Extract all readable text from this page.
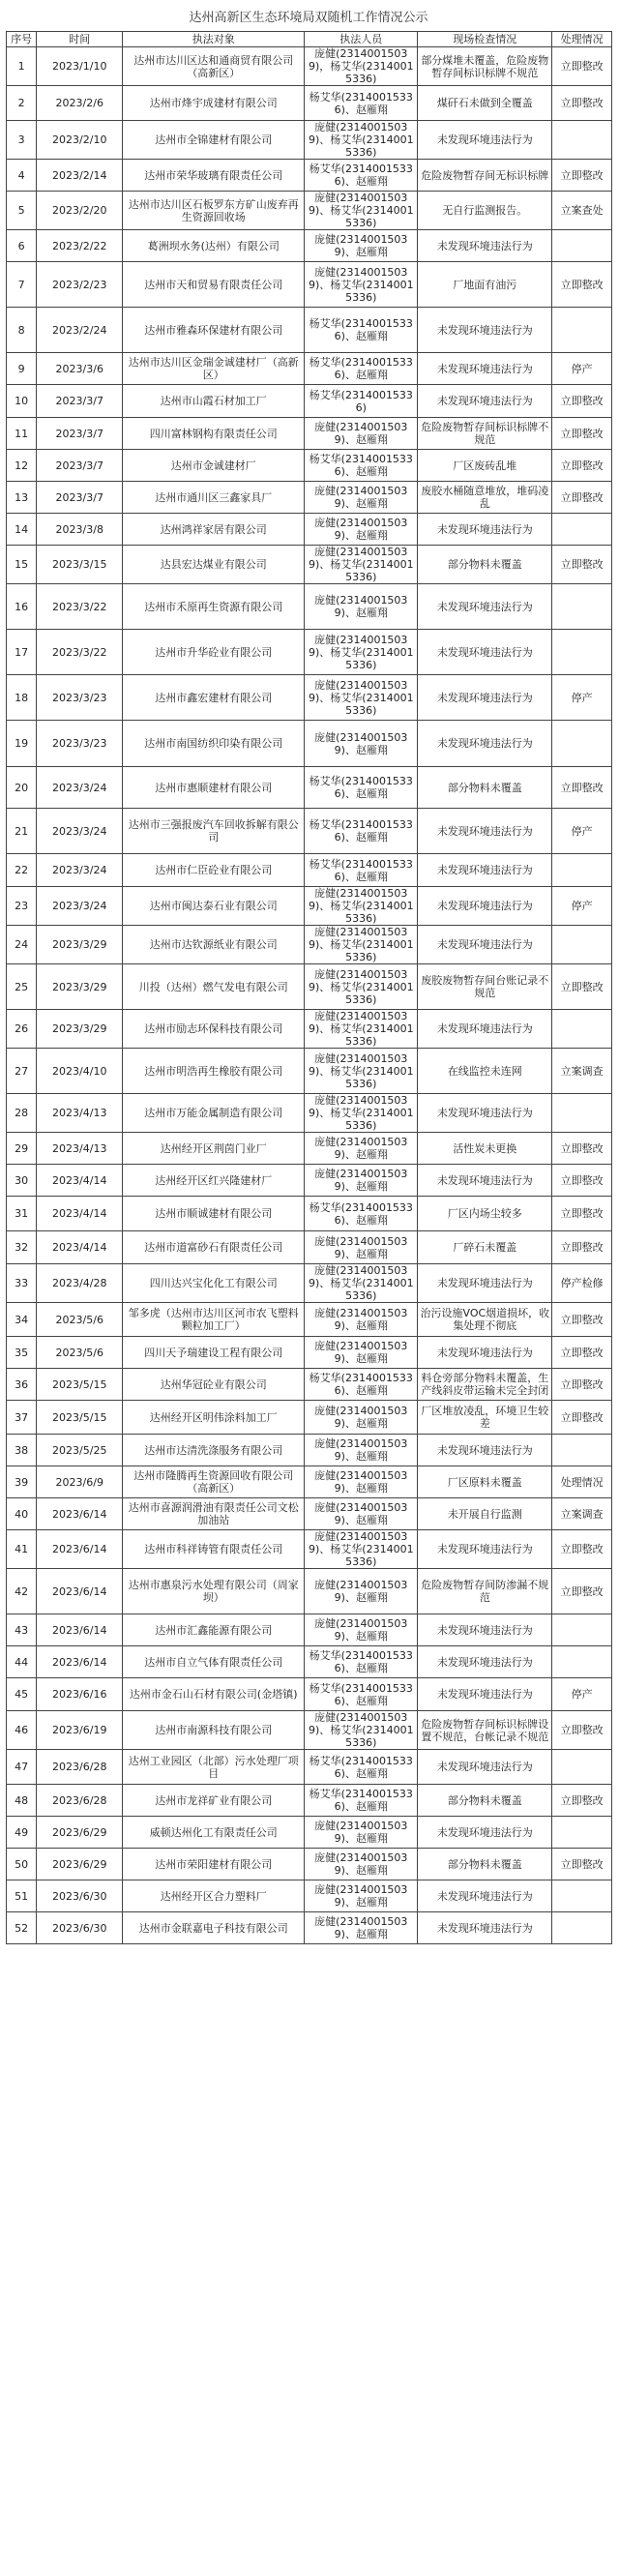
达州高新区生态环境局双随机工作情况公示
序号	时间	执法对象	执法人员	现场检查情况	处理情况
1	2023/1/10	达州市达川区达和通商贸有限公司（高新区）	庞健(23140015039)，杨艾华(23140015336)	部分煤堆未覆盖，危险废物暂存间标识标牌不规范	立即整改
2	2023/2/6	达州市烽宇成建材有限公司	杨艾华(23140015336)、赵雁翔	煤矸石未做到全覆盖	立即整改
3	2023/2/10	达州市全锦建材有限公司	庞健(23140015039)、杨艾华(23140015336)	未发现环境违法行为	
4	2023/2/14	达州市荣华玻璃有限责任公司	杨艾华(23140015336)、赵雁翔	危险废物暂存间无标识标牌	立即整改
5	2023/2/20	达州市达川区石板罗东方矿山废弃再生资源回收场	庞健(23140015039)、杨艾华(23140015336)	无自行监测报告。	立案查处
6	2023/2/22	葛洲坝水务(达州）有限公司	庞健(23140015039)、赵雁翔	未发现环境违法行为	
7	2023/2/23	达州市天和贸易有限责任公司	庞健(23140015039)、杨艾华(23140015336)	厂地面有油污	立即整改
8	2023/2/24	达州市雅森环保建材有限公司	杨艾华(23140015336)、赵雁翔	未发现环境违法行为	
9	2023/3/6	达州市达川区金瑞金诚建材厂（高新区）	杨艾华(23140015336)、赵雁翔	未发现环境违法行为	停产
10	2023/3/7	达州市山霞石材加工厂	杨艾华(23140015336)	未发现环境违法行为	立即整改
11	2023/3/7	四川富林钢构有限责任公司	庞健(23140015039)、赵雁翔	危险废物暂存间标识标牌不规范	立即整改
12	2023/3/7	达州市金诚建材厂	杨艾华(23140015336)、赵雁翔	厂区废砖乱堆	立即整改
13	2023/3/7	达州市通川区三鑫家具厂	庞健(23140015039)、赵雁翔	废胶水桶随意堆放，堆码凌乱	立即整改
14	2023/3/8	达州鸿祥家居有限公司	庞健(23140015039)、赵雁翔	未发现环境违法行为	
15	2023/3/15	达县宏达煤业有限公司	庞健(23140015039)、杨艾华(23140015336)	部分物料未覆盖	立即整改
16	2023/3/22	达州市禾原再生资源有限公司	庞健(23140015039)、赵雁翔	未发现环境违法行为	
17	2023/3/22	达州市升华砼业有限公司	庞健(23140015039)、杨艾华(23140015336)	未发现环境违法行为	
18	2023/3/23	达州市鑫宏建材有限公司	庞健(23140015039)、杨艾华(23140015336)	未发现环境违法行为	停产
19	2023/3/23	达州市南国纺织印染有限公司	庞健(23140015039)、赵雁翔	未发现环境违法行为	
20	2023/3/24	达州市惠顺建材有限公司	杨艾华(23140015336)、赵雁翔	部分物料未覆盖	立即整改
21	2023/3/24	达州市三强报废汽车回收拆解有限公司	杨艾华(23140015336)、赵雁翔	未发现环境违法行为	停产
22	2023/3/24	达州市仁臣砼业有限公司	杨艾华(23140015336)、赵雁翔	未发现环境违法行为	
23	2023/3/24	达州市闽达泰石业有限公司	庞健(23140015039)、杨艾华(23140015336)	未发现环境违法行为	停产
24	2023/3/29	达州市达钦源纸业有限公司	庞健(23140015039)、杨艾华(23140015336)	未发现环境违法行为	
25	2023/3/29	川投（达州）燃气发电有限公司	庞健(23140015039)、杨艾华(23140015336)	废胶废物暂存间台账记录不规范	立即整改
26	2023/3/29	达州市励志环保科技有限公司	庞健(23140015039)、杨艾华(23140015336)	未发现环境违法行为	
27	2023/4/10	达州市明浩再生橡胶有限公司	庞健(23140015039)、杨艾华(23140015336)	在线监控未连网	立案调查
28	2023/4/13	达州市万能金属制造有限公司	庞健(23140015039)、杨艾华(23140015336)	未发现环境违法行为	
29	2023/4/13	达州经开区荆茵门业厂	庞健(23140015039)、赵雁翔	活性炭未更换	立即整改
30	2023/4/14	达州经开区红兴隆建材厂	庞健(23140015039)、赵雁翔	未发现环境违法行为	立即整改
31	2023/4/14	达州市顺诚建材有限公司	杨艾华(23140015336)、赵雁翔	厂区内场尘较多	立即整改
32	2023/4/14	达州市道富砂石有限责任公司	庞健(23140015039)、赵雁翔	厂碎石未覆盖	立即整改
33	2023/4/28	四川达兴宝化化工有限公司	庞健(23140015039)、杨艾华(23140015336)	未发现环境违法行为	停产检修
34	2023/5/6	邹多虎（达州市达川区河市农飞塑料颗粒加工厂）	庞健(23140015039)、赵雁翔	治污设施VOC烟道损坏，收集处理不彻底	立即整改
35	2023/5/6	四川天予瑞建设工程有限公司	庞健(23140015039)、赵雁翔	未发现环境违法行为	立即整改
36	2023/5/15	达州华冠砼业有限公司	杨艾华(23140015336)、赵雁翔	料仓旁部分物料未覆盖，生产线斜皮带运输未完全封闭	立即整改
37	2023/5/15	达州经开区明伟涂料加工厂	庞健(23140015039)、赵雁翔	厂区堆放凌乱，环境卫生较差	立即整改
38	2023/5/25	达州市达清洗涤服务有限公司	庞健(23140015039)、赵雁翔	未发现环境违法行为	
39	2023/6/9	达州市隆腾再生资源回收有限公司（高新区）	庞健(23140015039)、赵雁翔	厂区原料未覆盖	处理情况
40	2023/6/14	达州市喜源润滑油有限责任公司文松加油站	庞健(23140015039)、赵雁翔	未开展自行监测	立案调查
41	2023/6/14	达州市科祥铸管有限责任公司	庞健(23140015039)、杨艾华(23140015336)	未发现环境违法行为	立即整改
42	2023/6/14	达州市惠泉污水处理有限公司（周家坝）	庞健(23140015039)、赵雁翔	危险废物暂存间防渗漏不规范	立即整改
43	2023/6/14	达州市汇鑫能源有限公司	庞健(23140015039)、赵雁翔	未发现环境违法行为	
44	2023/6/14	达州市自立气体有限责任公司	杨艾华(23140015336)、赵雁翔	未发现环境违法行为	
45	2023/6/16	达州市金石山石材有限公司(金塔镇)	杨艾华(23140015336)、赵雁翔	未发现环境违法行为	停产
46	2023/6/19	达州市南源科技有限公司	庞健(23140015039)、杨艾华(23140015336)	危险废物暂存间标识标牌设置不规范，台帐记录不规范	立即整改
47	2023/6/28	达州工业园区（北部）污水处理厂项目	杨艾华(23140015336)、赵雁翔	未发现环境违法行为	
48	2023/6/28	达州市龙祥矿业有限公司	杨艾华(23140015336)、赵雁翔	部分物料未覆盖	立即整改
49	2023/6/29	威顿达州化工有限责任公司	庞健(23140015039)、赵雁翔	未发现环境违法行为	
50	2023/6/29	达州市荣阳建材有限公司	庞健(23140015039)、赵雁翔	部分物料未覆盖	立即整改
51	2023/6/30	达州经开区合力塑料厂	庞健(23140015039)、赵雁翔	未发现环境违法行为	
52	2023/6/30	达州市金联嘉电子科技有限公司	庞健(23140015039)、赵雁翔	未发现环境违法行为	
